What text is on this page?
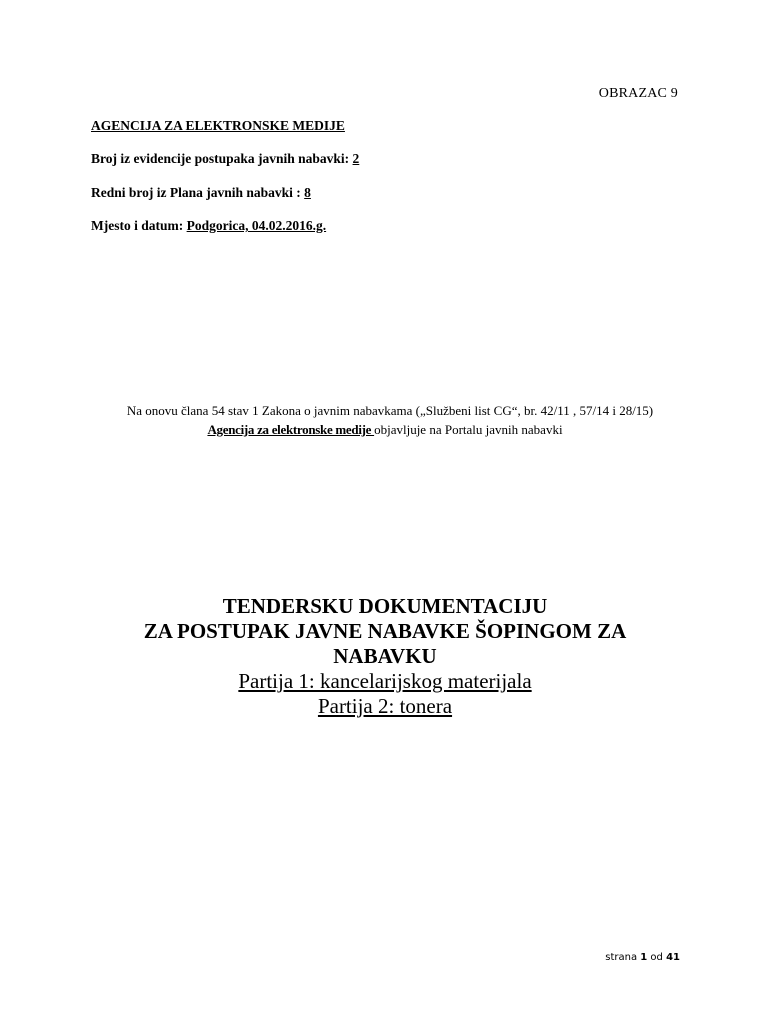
OBRAZAC 9

AGENCIJA ZA ELEKTRONSKE MEDIJE

Broj iz evidencije postupaka javnih nabavki: 2

Redni broj iz Plana javnih nabavki : 8

Mjesto i datum: Podgorica, 04.02.2016.g.

Na onovu člana 54 stav 1 Zakona o javnim nabavkama („Službeni list CG“, br. 42/11 , 57/14 i 28/15)

Agencija za elektronske medije objavljuje na Portalu javnih nabavki

TENDERSKU DOKUMENTACIJU

ZA POSTUPAK JAVNE NABAVKE ŠOPINGOM ZA

NABAVKU

Partija 1: kancelarijskog materijala

Partija 2: tonera

strana 1 od 41
